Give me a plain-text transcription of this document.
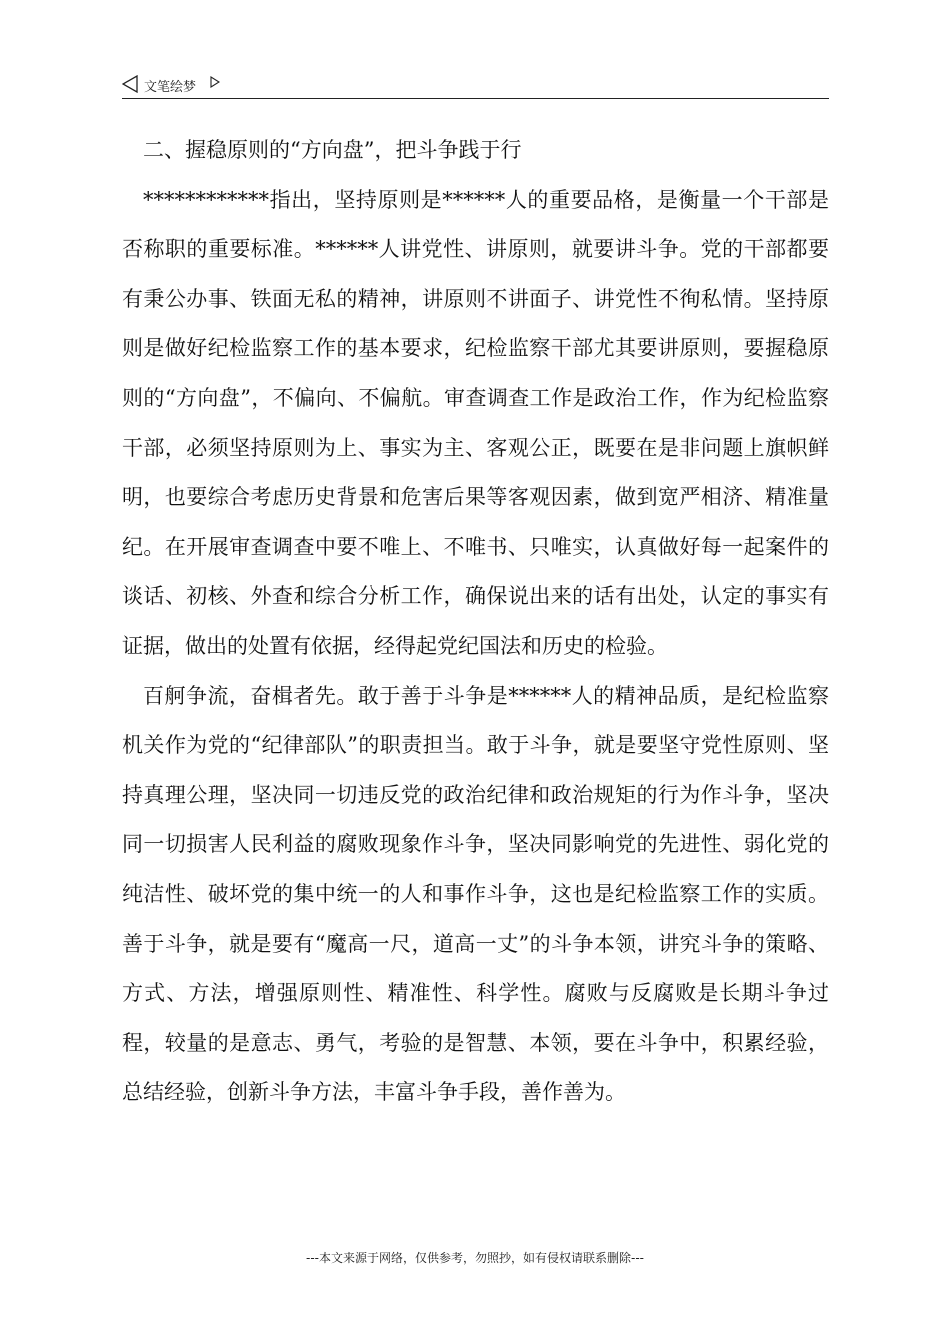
文笔绘梦
二、握稳原则的“方向盘”，把斗争践于行

************指出，坚持原则是******人的重要品格，是衡量一个干部是否称职的重要标准。******人讲党性、讲原则，就要讲斗争。党的干部都要有秉公办事、铁面无私的精神，讲原则不讲面子、讲党性不徇私情。坚持原则是做好纪检监察工作的基本要求，纪检监察干部尤其要讲原则，要握稳原则的“方向盘”，不偏向、不偏航。审查调查工作是政治工作，作为纪检监察干部，必须坚持原则为上、事实为主、客观公正，既要在是非问题上旗帜鲜明，也要综合考虑历史背景和危害后果等客观因素，做到宽严相济、精准量纪。在开展审查调查中要不唯上、不唯书、只唯实，认真做好每一起案件的谈话、初核、外查和综合分析工作，确保说出来的话有出处，认定的事实有证据，做出的处置有依据，经得起党纪国法和历史的检验。

百舸争流，奋楫者先。敢于善于斗争是******人的精神品质，是纪检监察机关作为党的“纪律部队”的职责担当。敢于斗争，就是要坚守党性原则、坚持真理公理，坚决同一切违反党的政治纪律和政治规矩的行为作斗争，坚决同一切损害人民利益的腐败现象作斗争，坚决同影响党的先进性、弱化党的纯洁性、破坏党的集中统一的人和事作斗争，这也是纪检监察工作的实质。善于斗争，就是要有“魔高一尺，道高一丈”的斗争本领，讲究斗争的策略、方式、方法，增强原则性、精准性、科学性。腐败与反腐败是长期斗争过程，较量的是意志、勇气，考验的是智慧、本领，要在斗争中，积累经验，总结经验，创新斗争方法，丰富斗争手段，善作善为。

---本文来源于网络，仅供参考，勿照抄，如有侵权请联系删除---
